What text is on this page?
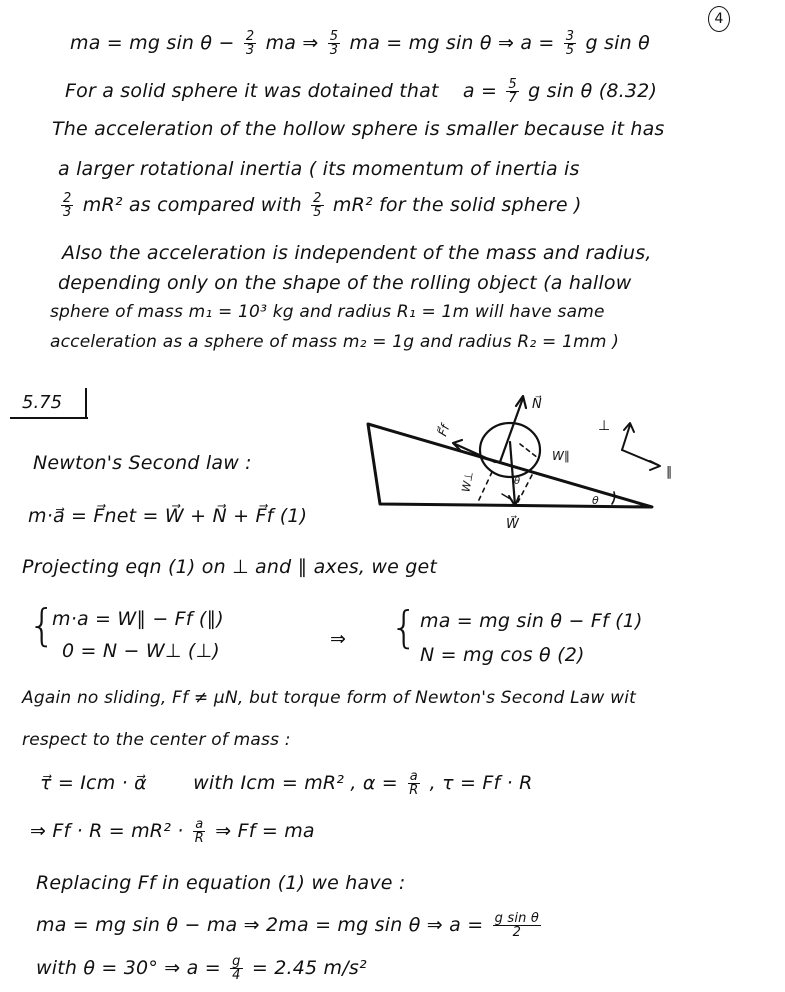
4
ma = mg $\sin \theta - \frac{2}{3}$ ma ⇒ $\frac{5}{3}$ ma = mg sin θ ⇒ $a = \frac{3}{5}$ g sin θ
For a solid sphere it was dotained that $a = \frac{5}{7}$ g sin θ (8.32)
The acceleration of the hollow sphere is smaller because it has
a larger rotational inertia ( its momentum of inertia is
$\frac{2}{3} mR^2$ as compared with $\frac{2}{5} mR^2$ for the solid sphere )
Also the acceleration is independent of the mass and radius,
depending only on the shape of the rolling object (a hallow
sphere of mass m₁ = 10³ kg and radius R₁ = 1m will have same
acceleration as a sphere of mass m₂ = 1g and radius R₂ = 1mm )
5.75
Newton's Second law :
m·a⃗ = F⃗net = W⃗ + N⃗ + F⃗f (1)
N⃗
F⃗f
W∥
W⊥	θ
W⃗
θ
⊥
∥
Projecting eqn (1) on ⊥ and ∥ axes, we get
{
m·a = W∥ − Ff (∥)
0 = N − W⊥ (⊥)
⇒ { ma = mg sin θ − Ff (1)
N = mg cos θ (2)
Again no sliding, Ff ≠ μN, but torque form of Newton's Second Law wit
respect to the center of mass :
τ⃗ = Icm · α⃗ with Icm = mR² , $\alpha = \frac{a}{R}$ , τ = Ff · R
⇒ $Ff \cdot R = mR^2 \cdot \frac{a}{R}$ ⇒ Ff = ma
Replacing Ff in equation (1) we have :
ma = mg sin θ − ma ⇒ 2ma = mg sin θ ⇒ $a = \frac{\text{g sin θ}}{2}$
with θ = 30° ⇒ $a = \frac{g}{4} = 2.45$ m/s²
